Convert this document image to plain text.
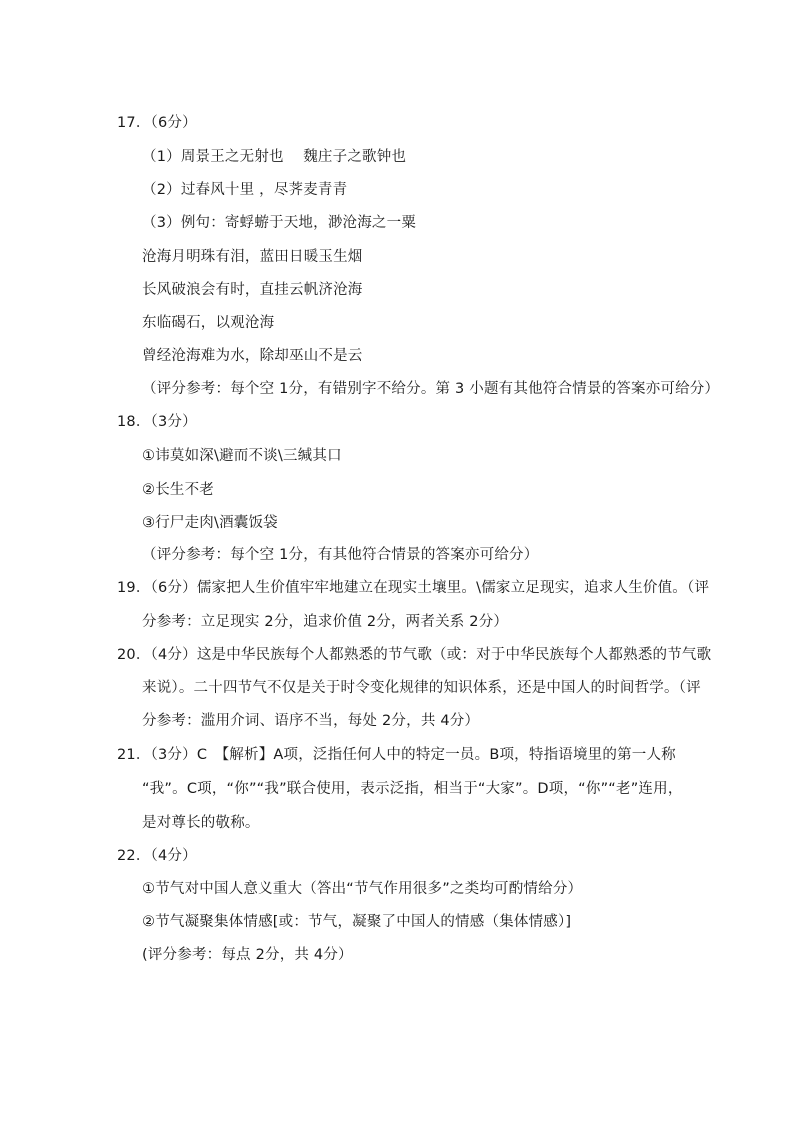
17．（6分）
（1）周景王之无射也　 魏庄子之歌钟也
（2）过春风十里 ，尽荠麦青青
（3）例句：寄蜉蝣于天地，渺沧海之一粟
沧海月明珠有泪，蓝田日暖玉生烟
长风破浪会有时，直挂云帆济沧海
东临碣石，以观沧海
曾经沧海难为水，除却巫山不是云
（评分参考：每个空 1分，有错别字不给分。第 3 小题有其他符合情景的答案亦可给分）
18．（3分）
①讳莫如深\避而不谈\三缄其口
②长生不老
③行尸走肉\酒囊饭袋
（评分参考：每个空 1分，有其他符合情景的答案亦可给分）
19．（6分）儒家把人生价值牢牢地建立在现实土壤里。\儒家立足现实，追求人生价值。（评
分参考：立足现实 2分，追求价值 2分，两者关系 2分）
20．（4分）这是中华民族每个人都熟悉的节气歌（或：对于中华民族每个人都熟悉的节气歌
来说）。二十四节气不仅是关于时令变化规律的知识体系，还是中国人的时间哲学。（评
分参考：滥用介词、语序不当，每处 2分，共 4分）
21．（3分）C　【解析】A项，泛指任何人中的特定一员。B项，特指语境里的第一人称
“我”。C项，“你”“我”联合使用，表示泛指，相当于“大家”。D项，“你”“老”连用，
是对尊长的敬称。
22．（4分）
①节气对中国人意义重大（答出“节气作用很多”之类均可酌情给分）
②节气凝聚集体情感[或：节气，凝聚了中国人的情感（集体情感）]
(评分参考：每点 2分，共 4分）
